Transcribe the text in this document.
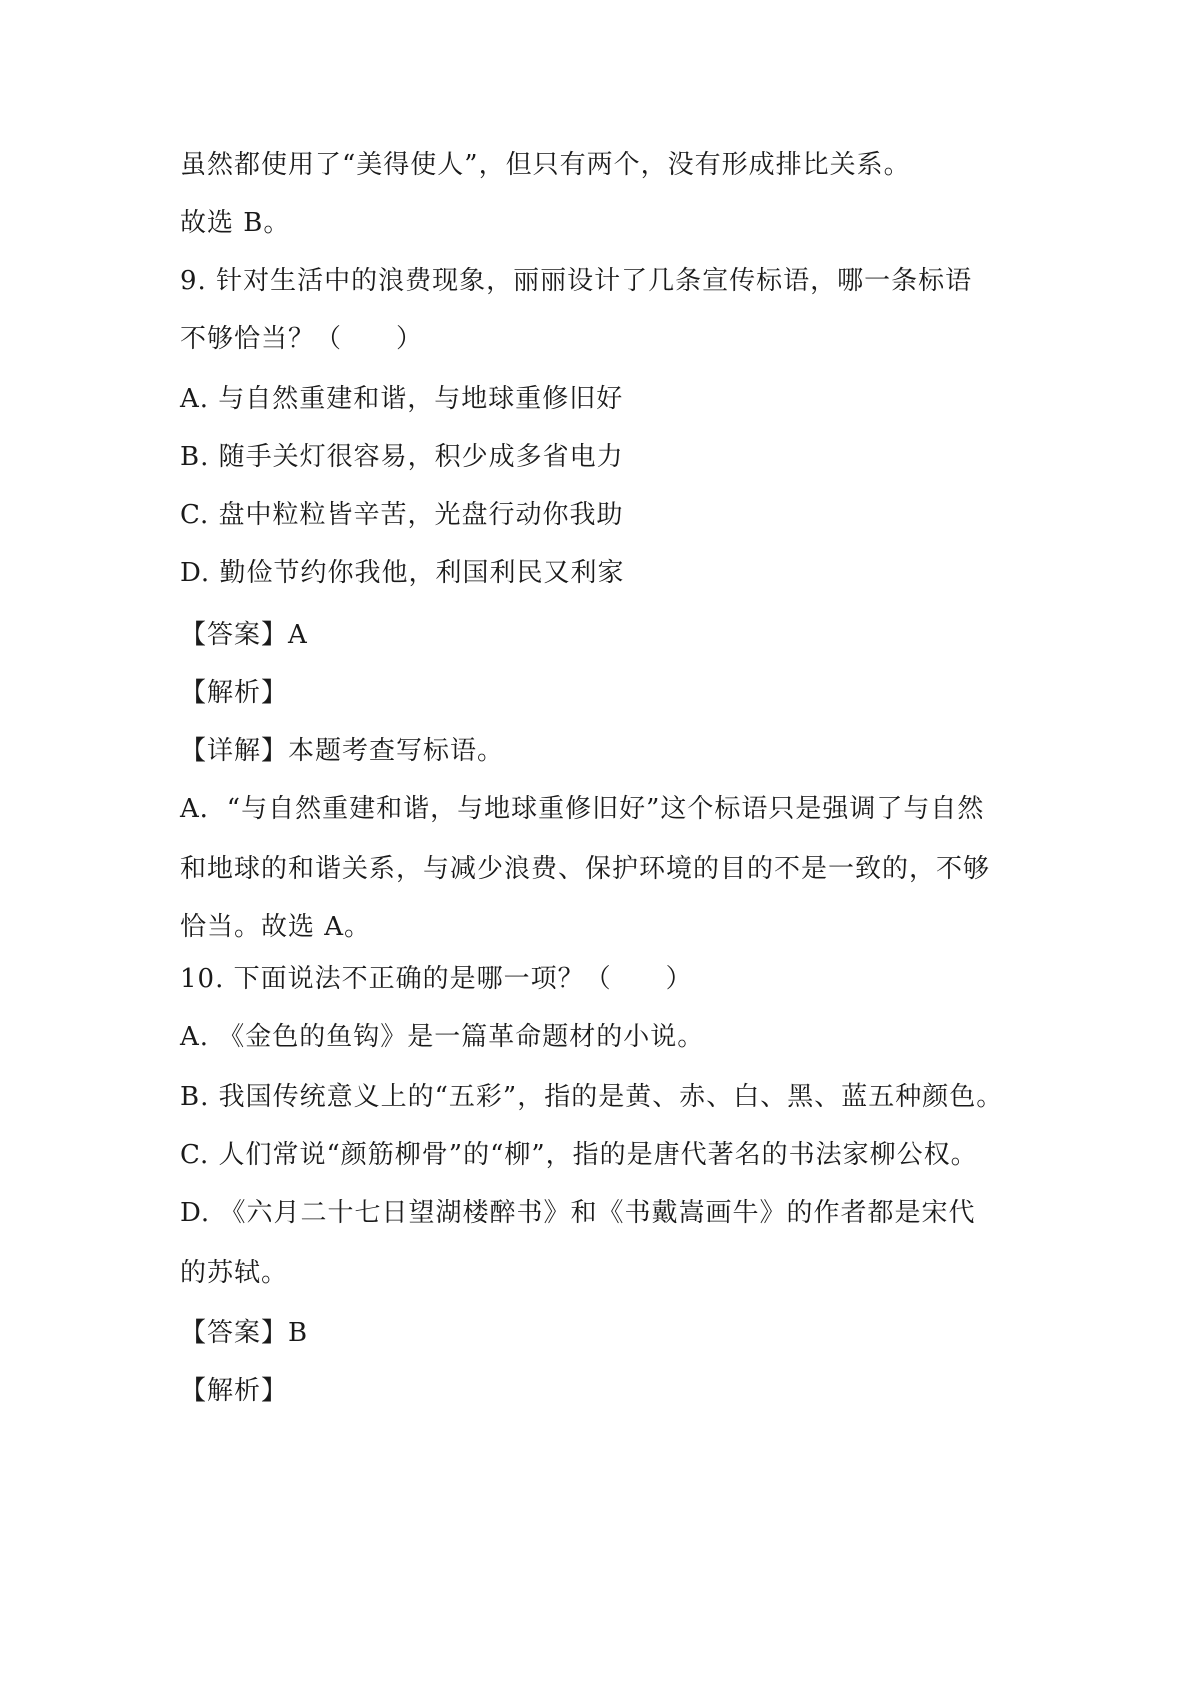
虽然都使用了“美得使人”，但只有两个，没有形成排比关系。
故选 B。
9. 针对生活中的浪费现象，丽丽设计了几条宣传标语，哪一条标语
不够恰当？（　　）
A. 与自然重建和谐，与地球重修旧好
B. 随手关灯很容易，积少成多省电力
C. 盘中粒粒皆辛苦，光盘行动你我助
D. 勤俭节约你我他，利国利民又利家
【答案】A
【解析】
【详解】本题考查写标语。
A．“与自然重建和谐，与地球重修旧好”这个标语只是强调了与自然
和地球的和谐关系，与减少浪费、保护环境的目的不是一致的，不够
恰当。故选 A。
10. 下面说法不正确的是哪一项？（　　）
A. 《金色的鱼钩》是一篇革命题材的小说。
B. 我国传统意义上的“五彩”，指的是黄、赤、白、黑、蓝五种颜色。
C. 人们常说“颜筋柳骨”的“柳”，指的是唐代著名的书法家柳公权。
D. 《六月二十七日望湖楼醉书》和《书戴嵩画牛》的作者都是宋代
的苏轼。
【答案】B
【解析】
